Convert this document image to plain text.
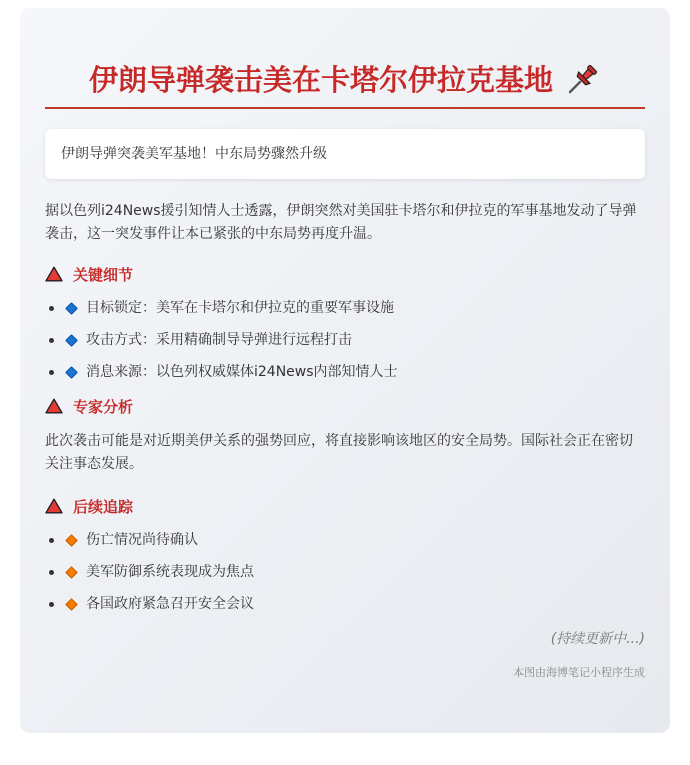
伊朗导弹袭击美在卡塔尔伊拉克基地
伊朗导弹突袭美军基地！中东局势骤然升级
据以色列i24News援引知情人士透露，伊朗突然对美国驻卡塔尔和伊拉克的军事基地发动了导弹袭击，这一突发事件让本已紧张的中东局势再度升温。
关键细节
目标锁定：美军在卡塔尔和伊拉克的重要军事设施
攻击方式：采用精确制导导弹进行远程打击
消息来源：以色列权威媒体i24News内部知情人士
专家分析
此次袭击可能是对近期美伊关系的强势回应，将直接影响该地区的安全局势。国际社会正在密切关注事态发展。
后续追踪
伤亡情况尚待确认
美军防御系统表现成为焦点
各国政府紧急召开安全会议
(持续更新中...)
本图由海博笔记小程序生成
